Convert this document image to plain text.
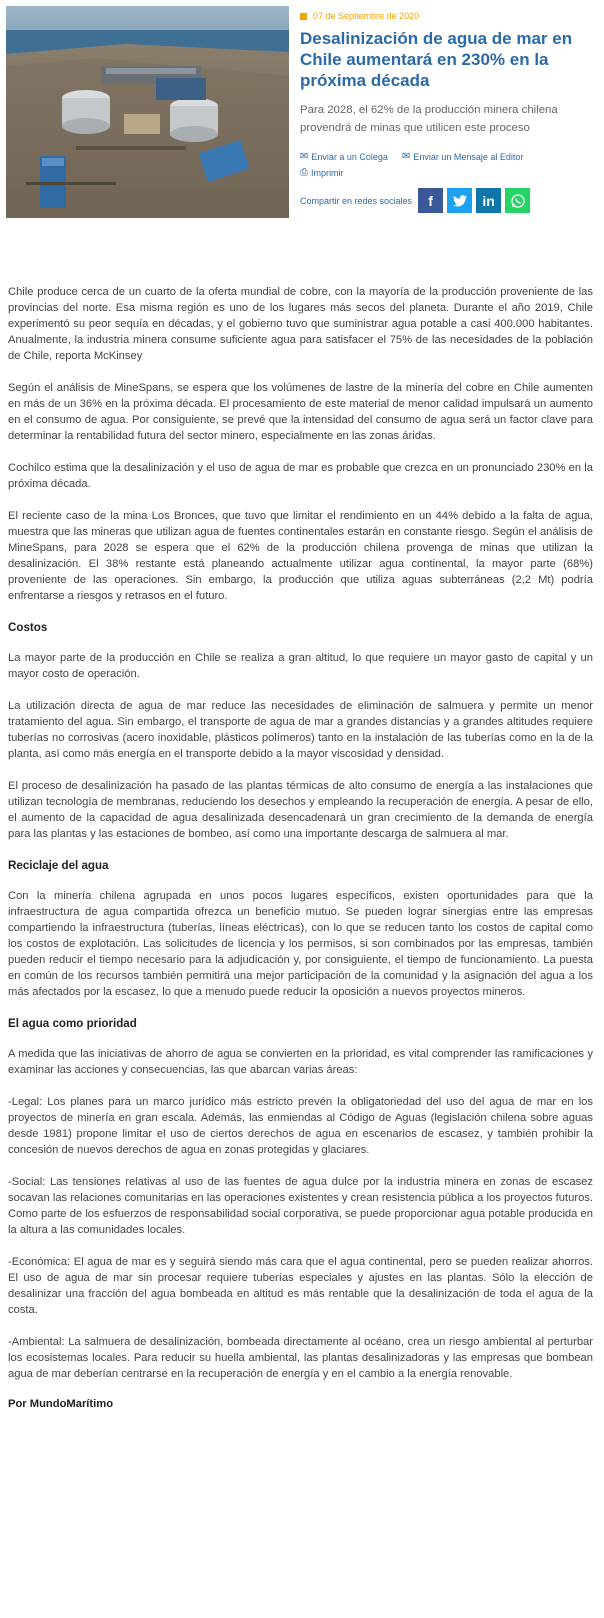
07 de Septiembre de 2020
Desalinización de agua de mar en Chile aumentará en 230% en la próxima década

Para 2028, el 62% de la producción minera chilena provendrá de minas que utilicen este proceso

✉ Enviar a un Colega ✉ Enviar un Mensaje al Editor
⎙ Imprimir
Compartir en redes sociales	f	in

Chile produce cerca de un cuarto de la oferta mundial de cobre, con la mayoría de la producción proveniente de las provincias del norte. Esa misma región es uno de los lugares más secos del planeta. Durante el año 2019, Chile experimentó su peor sequía en décadas, y el gobierno tuvo que suministrar agua potable a casi 400.000 habitantes. Anualmente, la industria minera consume suficiente agua para satisfacer el 75% de las necesidades de la población de Chile, reporta McKinsey

Según el análisis de MineSpans, se espera que los volúmenes de lastre de la minería del cobre en Chile aumenten en más de un 36% en la próxima década. El procesamiento de este material de menor calidad impulsará un aumento en el consumo de agua. Por consiguiente, se prevé que la intensidad del consumo de agua será un factor clave para determinar la rentabilidad futura del sector minero, especialmente en las zonas áridas.

Cochilco estima que la desalinización y el uso de agua de mar es probable que crezca en un pronunciado 230% en la próxima década.

El reciente caso de la mina Los Bronces, que tuvo que limitar el rendimiento en un 44% debido a la falta de agua, muestra que las mineras que utilizan agua de fuentes continentales estarán en constante riesgo. Según el análisis de MineSpans, para 2028 se espera que el 62% de la producción chilena provenga de minas que utilizan la desalinización. El 38% restante está planeando actualmente utilizar agua continental, la mayor parte (68%) proveniente de las operaciones. Sin embargo, la producción que utiliza aguas subterráneas (2,2 Mt) podría enfrentarse a riesgos y retrasos en el futuro.

Costos

La mayor parte de la producción en Chile se realiza a gran altitud, lo que requiere un mayor gasto de capital y un mayor costo de operación.

La utilización directa de agua de mar reduce las necesidades de eliminación de salmuera y permite un menor tratamiento del agua. Sin embargo, el transporte de agua de mar a grandes distancias y a grandes altitudes requiere tuberías no corrosivas (acero inoxidable, plásticos polímeros) tanto en la instalación de las tuberías como en la de la planta, así como más energía en el transporte debido a la mayor viscosidad y densidad.

El proceso de desalinización ha pasado de las plantas térmicas de alto consumo de energía a las instalaciones que utilizan tecnología de membranas, reduciendo los desechos y empleando la recuperación de energía. A pesar de ello, el aumento de la capacidad de agua desalinizada desencadenará un gran crecimiento de la demanda de energía para las plantas y las estaciones de bombeo, así como una importante descarga de salmuera al mar.

Reciclaje del agua

Con la minería chilena agrupada en unos pocos lugares específicos, existen oportunidades para que la infraestructura de agua compartida ofrezca un beneficio mutuo. Se pueden lograr sinergias entre las empresas compartiendo la infraestructura (tuberías, líneas eléctricas), con lo que se reducen tanto los costos de capital como los costos de explotación. Las solicitudes de licencia y los permisos, si son combinados por las empresas, también pueden reducir el tiempo necesario para la adjudicación y, por consiguiente, el tiempo de funcionamiento. La puesta en común de los recursos también permitirá una mejor participación de la comunidad y la asignación del agua a los más afectados por la escasez, lo que a menudo puede reducir la oposición a nuevos proyectos mineros.

El agua como prioridad

A medida que las iniciativas de ahorro de agua se convierten en la prioridad, es vital comprender las ramificaciones y examinar las acciones y consecuencias, las que abarcan varias áreas:

-Legal: Los planes para un marco jurídico más estricto prevén la obligatoriedad del uso del agua de mar en los proyectos de minería en gran escala. Además, las enmiendas al Código de Aguas (legislación chilena sobre aguas desde 1981) propone limitar el uso de ciertos derechos de agua en escenarios de escasez, y también prohibir la concesión de nuevos derechos de agua en zonas protegidas y glaciares.

-Social: Las tensiones relativas al uso de las fuentes de agua dulce por la industria minera en zonas de escasez socavan las relaciones comunitarias en las operaciones existentes y crean resistencia pública a los proyectos futuros. Como parte de los esfuerzos de responsabilidad social corporativa, se puede proporcionar agua potable producida en la altura a las comunidades locales.

-Económica: El agua de mar es y seguirá siendo más cara que el agua continental, pero se pueden realizar ahorros. El uso de agua de mar sin procesar requiere tuberías especiales y ajustes en las plantas. Sólo la elección de desalinizar una fracción del agua bombeada en altitud es más rentable que la desalinización de toda el agua de la costa.

-Ambiental: La salmuera de desalinización, bombeada directamente al océano, crea un riesgo ambiental al perturbar los ecosistemas locales. Para reducir su huella ambiental, las plantas desalinizadoras y las empresas que bombean agua de mar deberían centrarse en la recuperación de energía y en el cambio a la energía renovable.

Por MundoMarítimo
